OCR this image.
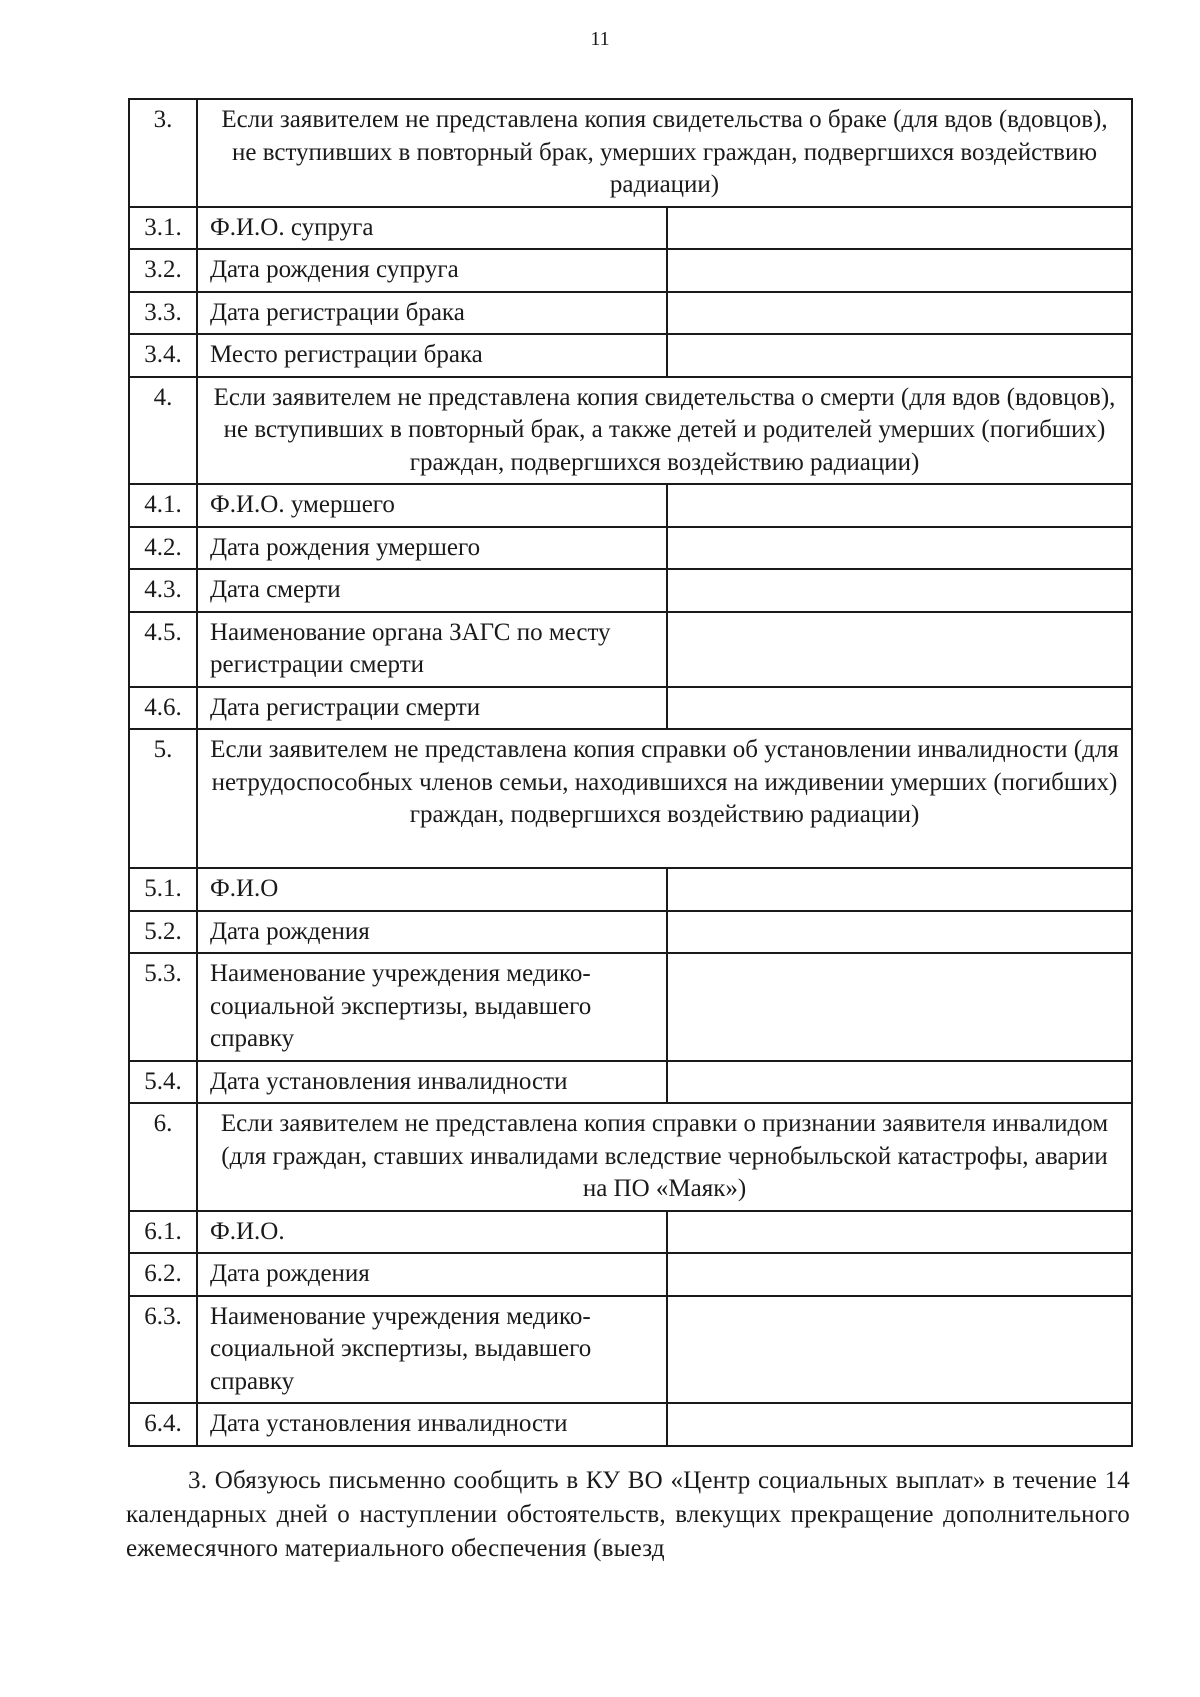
11
3.	Если заявителем не представлена копия свидетельства о браке (для вдов (вдовцов), не вступивших в повторный брак, умерших граждан, подвергшихся воздействию радиации)	
3.1.	Ф.И.О. супруга	
3.2.	Дата рождения супруга	
3.3.	Дата регистрации брака	
3.4.	Место регистрации брака	
4.	Если заявителем не представлена копия свидетельства о смерти (для вдов (вдовцов), не вступивших в повторный брак, а также детей и родителей умерших (погибших) граждан, подвергшихся воздействию радиации)	
4.1.	Ф.И.О. умершего	
4.2.	Дата рождения умершего	
4.3.	Дата смерти	
4.5.	Наименование органа ЗАГС по месту регистрации смерти	
4.6.	Дата регистрации смерти	
5.	Если заявителем не представлена копия справки об установлении инвалидности (для нетрудоспособных членов семьи, находившихся на иждивении умерших (погибших) граждан, подвергшихся воздействию радиации)	
5.1.	Ф.И.О	
5.2.	Дата рождения	
5.3.	Наименование учреждения медико-социальной экспертизы, выдавшего справку	
5.4.	Дата установления инвалидности	
6.	Если заявителем не представлена копия справки о признании заявителя инвалидом (для граждан, ставших инвалидами вследствие чернобыльской катастрофы, аварии на ПО «Маяк»)	
6.1.	Ф.И.О.	
6.2.	Дата рождения	
6.3.	Наименование учреждения медико-социальной экспертизы, выдавшего справку	
6.4.	Дата установления инвалидности	
3. Обязуюсь письменно сообщить в КУ ВО «Центр социальных выплат» в течение 14 календарных дней о наступлении обстоятельств, влекущих прекращение дополнительного ежемесячного материального обеспечения (выезд
